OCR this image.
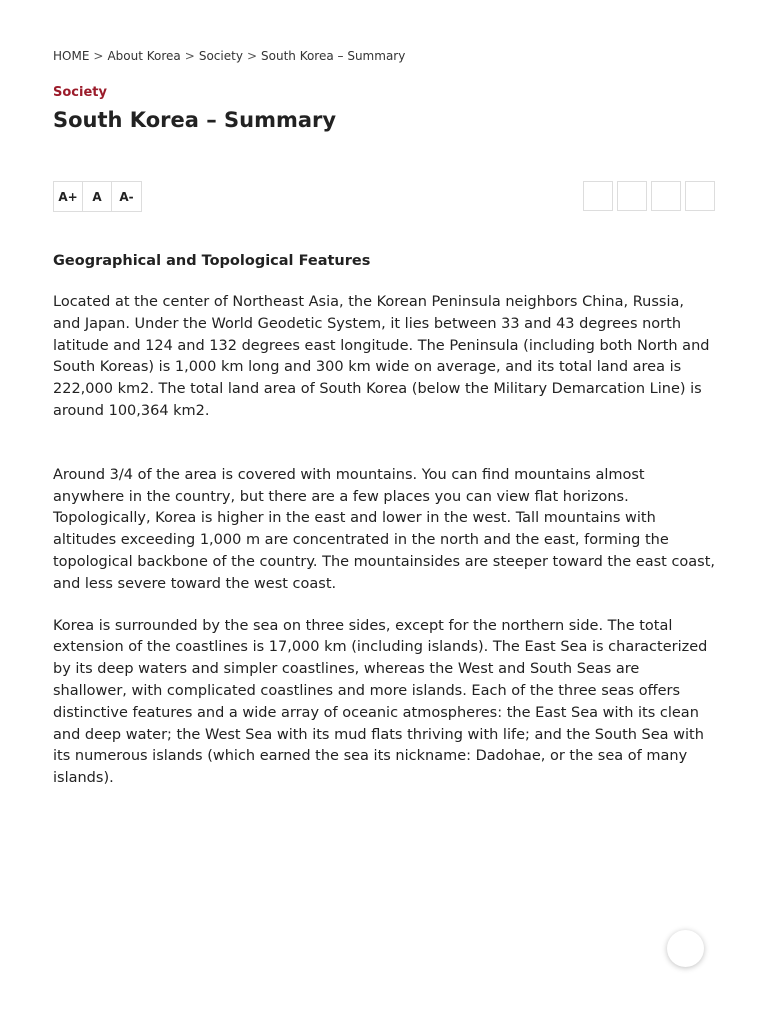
HOME > About Korea > Society > South Korea – Summary
Society
South Korea – Summary
A+	A	A-
Geographical and Topological Features

Located at the center of Northeast Asia, the Korean Peninsula neighbors China, Russia, and Japan. Under the World Geodetic System, it lies between 33 and 43 degrees north latitude and 124 and 132 degrees east longitude. The Peninsula (including both North and South Koreas) is 1,000 km long and 300 km wide on average, and its total land area is 222,000 km2. The total land area of South Korea (below the Military Demarcation Line) is around 100,364 km2.

Around 3/4 of the area is covered with mountains. You can find mountains almost anywhere in the country, but there are a few places you can view flat horizons. Topologically, Korea is higher in the east and lower in the west. Tall mountains with altitudes exceeding 1,000 m are concentrated in the north and the east, forming the topological backbone of the country. The mountainsides are steeper toward the east coast, and less severe toward the west coast.

Korea is surrounded by the sea on three sides, except for the northern side. The total extension of the coastlines is 17,000 km (including islands). The East Sea is characterized by its deep waters and simpler coastlines, whereas the West and South Seas are shallower, with complicated coastlines and more islands. Each of the three seas offers distinctive features and a wide array of oceanic atmospheres: the East Sea with its clean and deep water; the West Sea with its mud flats thriving with life; and the South Sea with its numerous islands (which earned the sea its nickname: Dadohae, or the sea of many islands).
